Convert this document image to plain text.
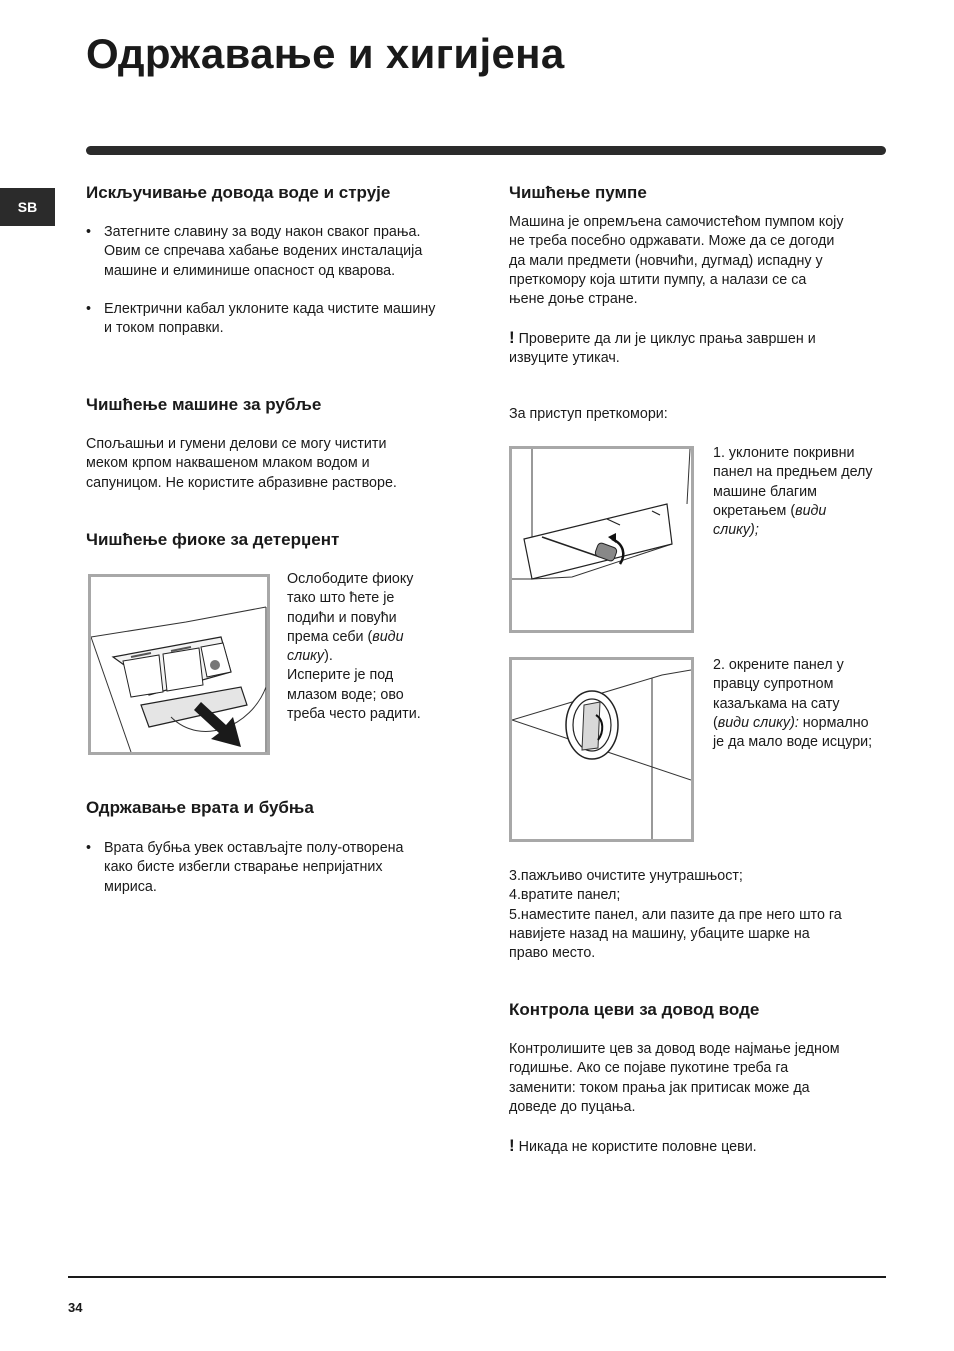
Одржавање и хигијена
SB
Искључивање довода воде и струје
• Затегните славину за воду након сваког прања.
Овим се спречава хабање водених инсталација
машине и елиминише опасност од кварова.
• Електрични кабал уклоните када чистите машину
и током поправки.
Чишћење машине за рубље
Спољашњи и гумени делови се могу чистити
меком крпом наквашеном млаком водом и
сапуницом. Не користите абразивне растворе.
Чишћење фиоке за детерџент
Ослободите фиоку
тако што ћете је
подићи и повући
према себи (види
слику).
Исперите је под
млазом воде; ово
треба често радити.
Одржавање врата и бубња
• Врата бубња увек остављајте полу-отворена
како бисте избегли стварање непријатних
мириса.
Чишћење пумпе
Машина је опремљена самочистећом пумпом коју
не треба посебно одржавати. Може да се догоди
да мали предмети (новчићи, дугмад) испадну у
преткомору која штити пумпу, а налази се са
њене доње стране.
! Проверите да ли је циклус прања завршен и
извуците утикач.
За приступ преткомори:
1. уклоните покривни
панел на предњем делу
машине благим
окретањем (види
слику);
2. окрените панел у
правцу супротном
казаљкама на сату
(види слику): нормално
је да мало воде исцури;
3.пажљиво очистите унутрашњост;
4.вратите панел;
5.наместите панел, али пазите да пре него што га
навијете назад на машину, убаците шарке на
право место.
Контрола цеви за довод воде
Контролишите цев за довод воде најмање једном
годишње. Ако се појаве пукотине треба га
заменити: током прања јак притисак може да
доведе до пуцања.
! Никада не користите половне цеви.
34
